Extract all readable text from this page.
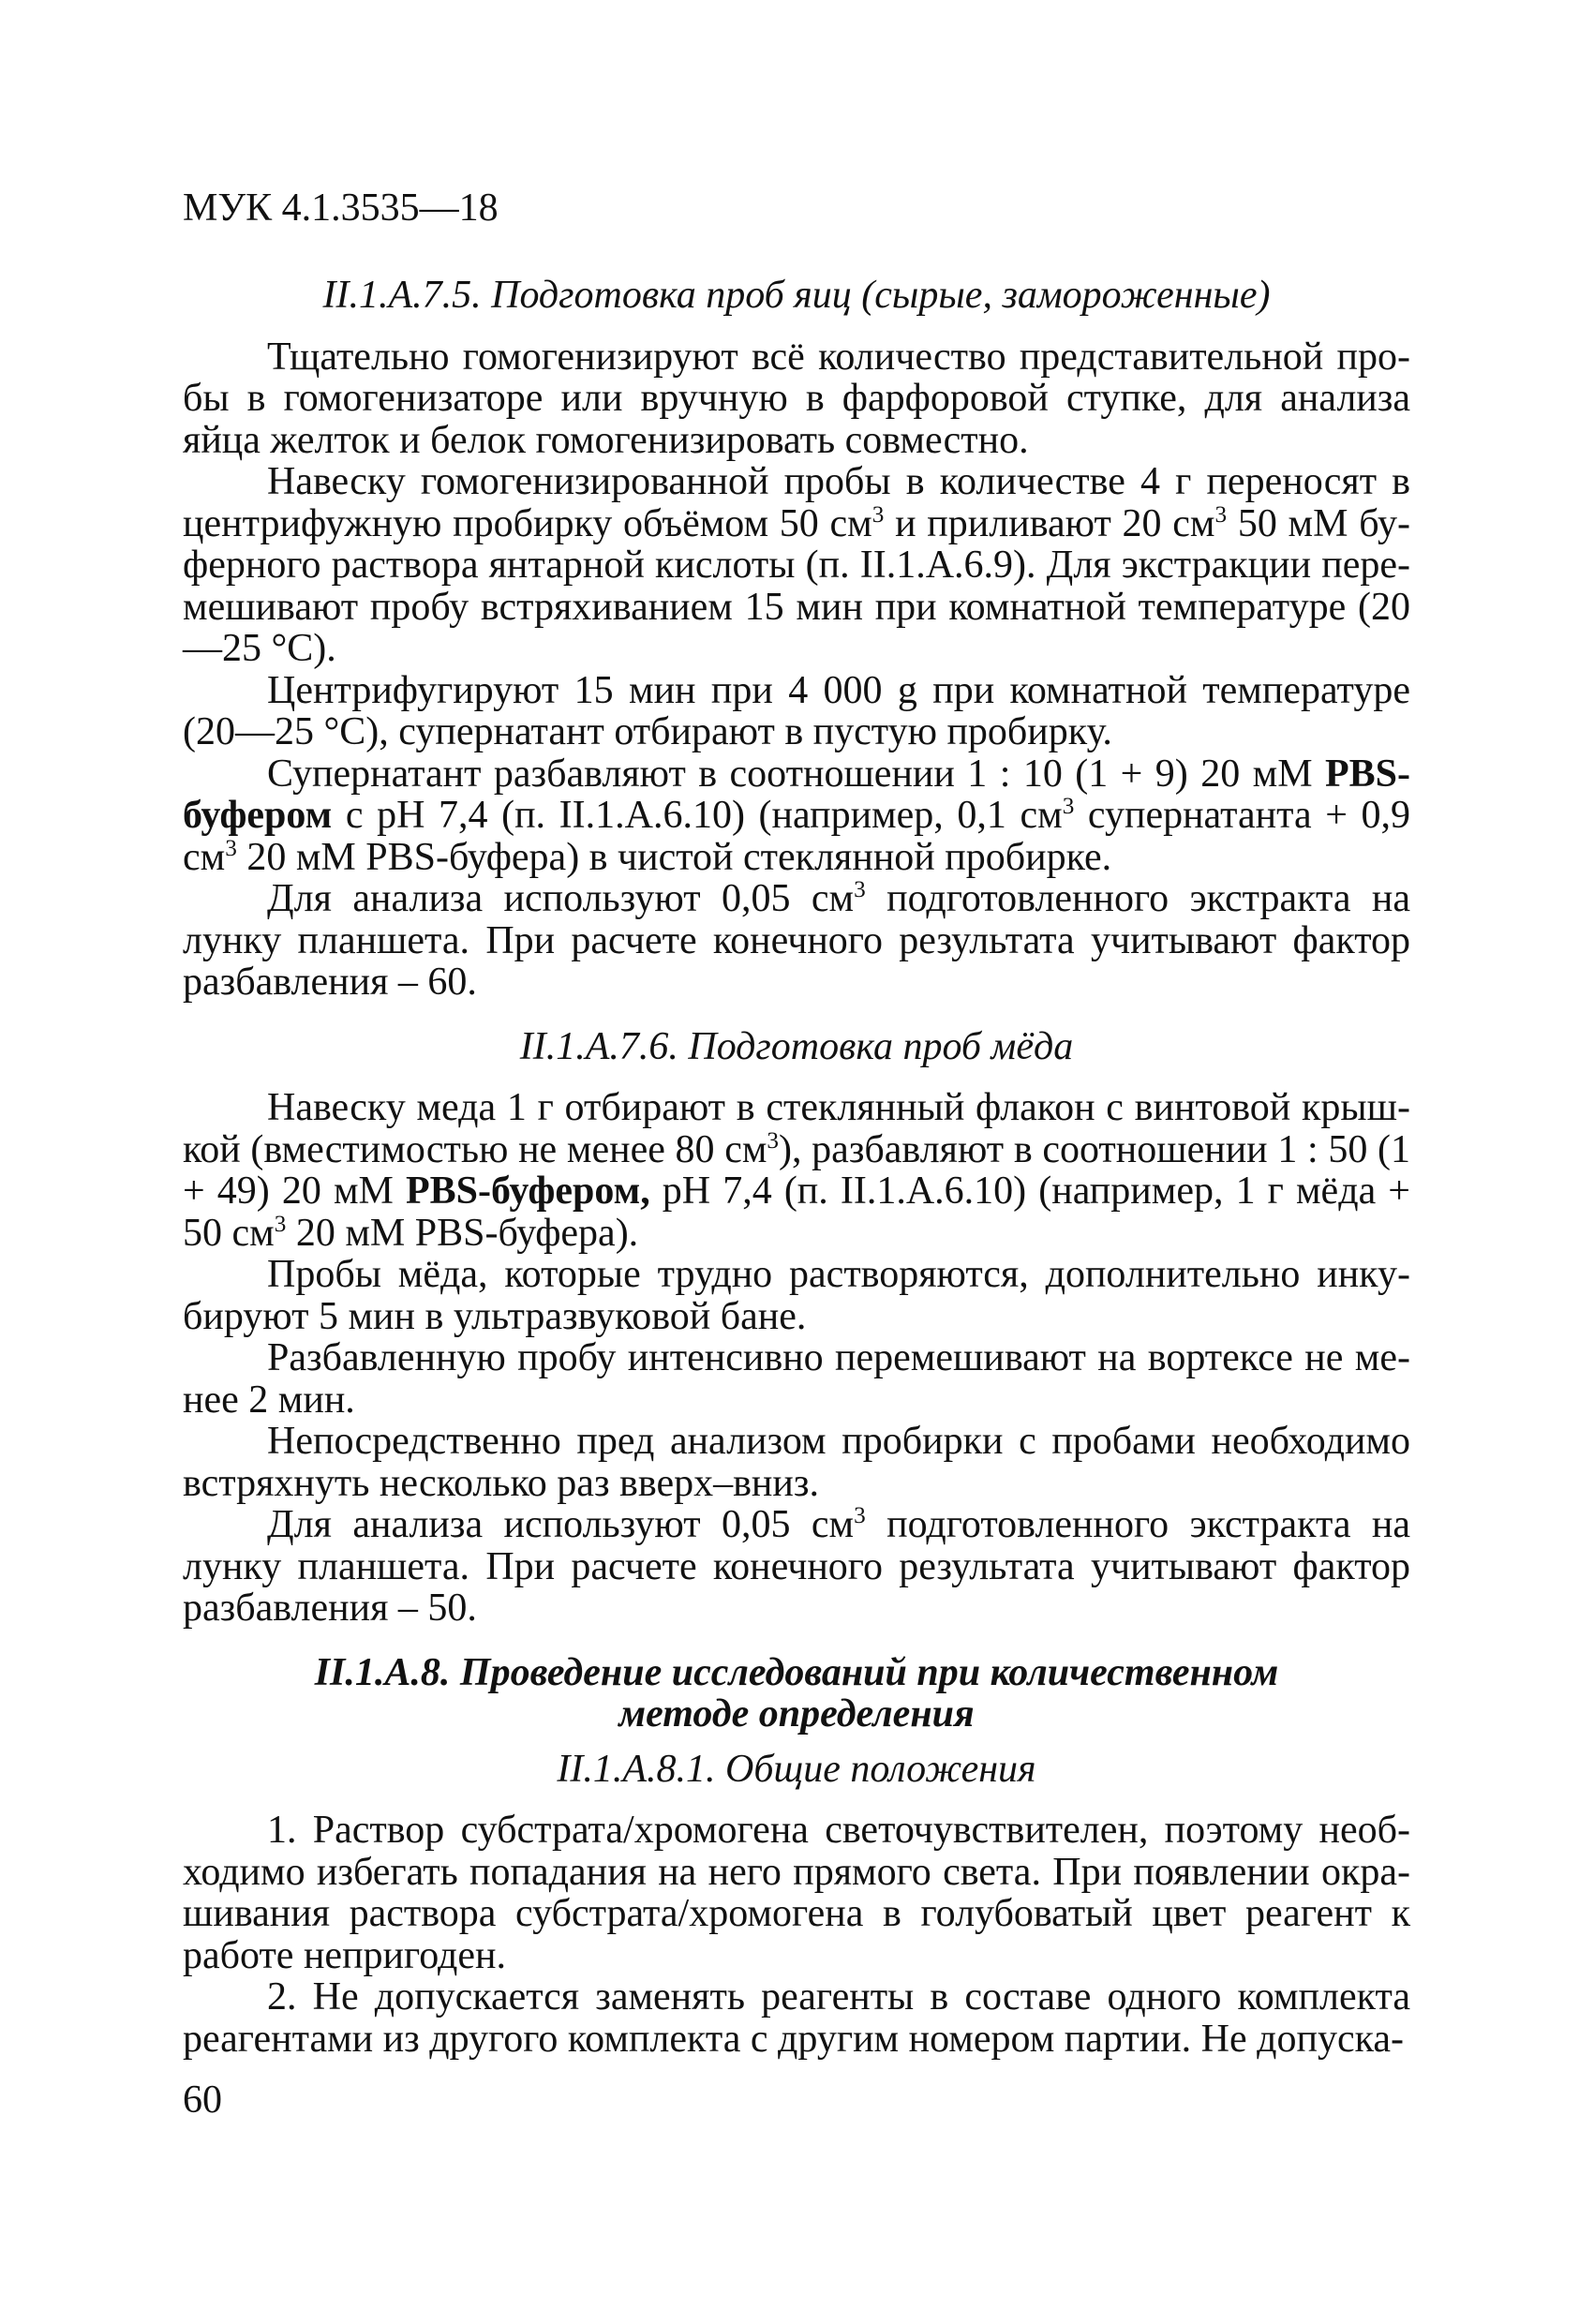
МУК 4.1.3535—18

II.1.A.7.5. Подготовка проб яиц (сырые, замороженные)

Тщательно гомогенизируют всё количество представительной пробы в гомогенизаторе или вручную в фарфоровой ступке, для анализа яйца желток и белок гомогенизировать совместно.

Навеску гомогенизированной пробы в количестве 4 г переносят в центрифужную пробирку объёмом 50 $см^3$ и приливают 20 $см^3$ 50 мМ буферного раствора янтарной кислоты (п. II.1.A.6.9). Для экстракции перемешивают пробу встряхиванием 15 мин при комнатной температуре (20—25 °С).

Центрифугируют 15 мин при 4 000 g при комнатной температуре (20—25 °С), супернатант отбирают в пустую пробирку.

Супернатант разбавляют в соотношении 1 : 10 (1 + 9) 20 мМ PBS-буфером с pH 7,4 (п. II.1.A.6.10) (например, 0,1 $см^3$ супернатанта + 0,9 $см^3$ 20 мМ PBS-буфера) в чистой стеклянной пробирке.

Для анализа используют 0,05 $см^3$ подготовленного экстракта на лунку планшета. При расчете конечного результата учитывают фактор разбавления – 60.

II.1.A.7.6. Подготовка проб мёда

Навеску меда 1 г отбирают в стеклянный флакон с винтовой крышкой (вместимостью не менее 80 $см^3$), разбавляют в соотношении 1 : 50 (1 + 49) 20 мМ PBS-буфером, pH 7,4 (п. II.1.A.6.10) (например, 1 г мёда + 50 $см^3$ 20 мМ PBS-буфера).

Пробы мёда, которые трудно растворяются, дополнительно инкубируют 5 мин в ультразвуковой бане.

Разбавленную пробу интенсивно перемешивают на вортексе не менее 2 мин.

Непосредственно пред анализом пробирки с пробами необходимо встряхнуть несколько раз вверх–вниз.

Для анализа используют 0,05 $см^3$ подготовленного экстракта на лунку планшета. При расчете конечного результата учитывают фактор разбавления – 50.

II.1.A.8. Проведение исследований при количественном

методе определения

II.1.A.8.1. Общие положения

1. Раствор субстрата/хромогена светочувствителен, поэтому необходимо избегать попадания на него прямого света. При появлении окрашивания раствора субстрата/хромогена в голубоватый цвет реагент к работе непригоден.

2. Не допускается заменять реагенты в составе одного комплекта реагентами из другого комплекта с другим номером партии. Не допуска-

60
